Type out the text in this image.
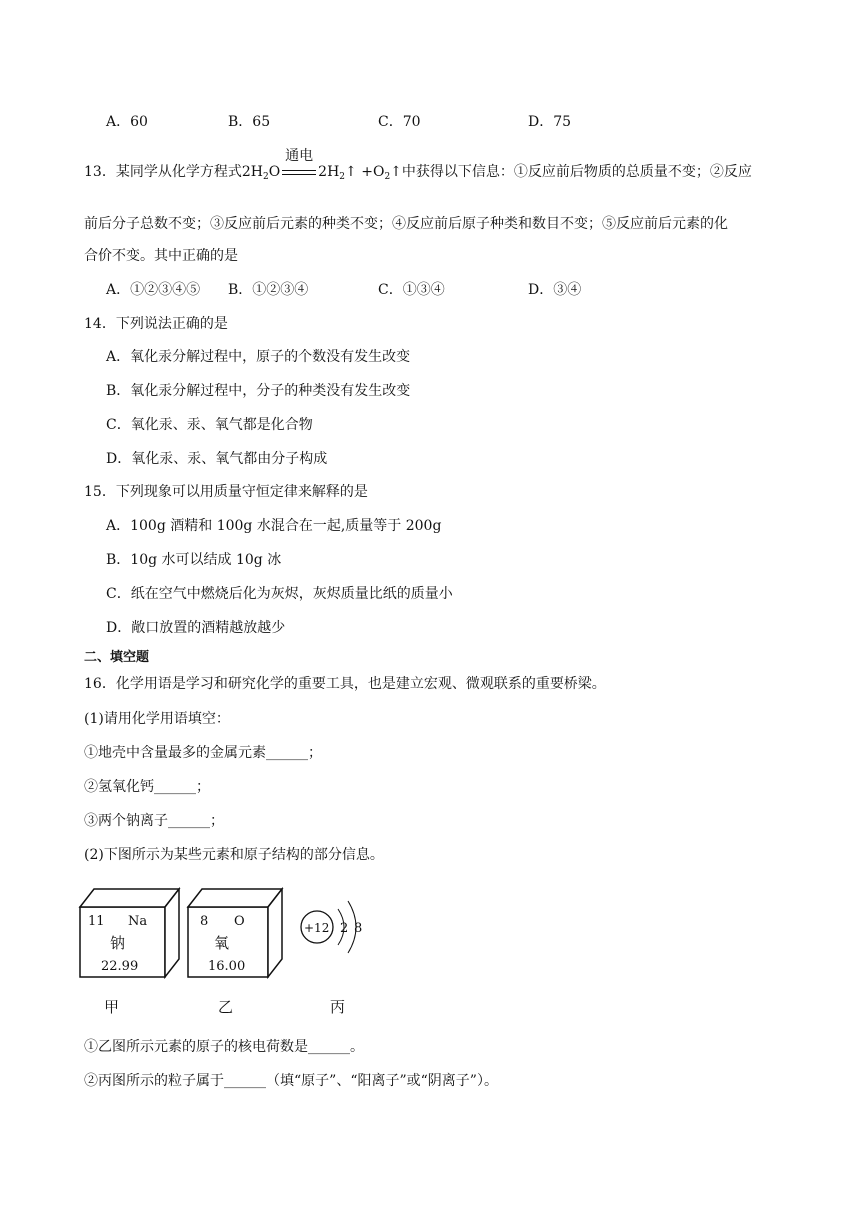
A．60	B．65	C．70	D．75
13．某同学从化学方程式$2H_2O$
通电
$2H_2↑$ $+O_2↑$中获得以下信息：①反应前后物质的总质量不变；②反应
前后分子总数不变；③反应前后元素的种类不变；④反应前后原子种类和数目不变；⑤反应前后元素的化
合价不变。其中正确的是
A．①②③④⑤ B．①②③④	C．①③④	D．③④
14．下列说法正确的是
A．氧化汞分解过程中，原子的个数没有发生改变
B．氧化汞分解过程中，分子的种类没有发生改变
C．氧化汞、汞、氧气都是化合物
D．氧化汞、汞、氧气都由分子构成
15．下列现象可以用质量守恒定律来解释的是
A．100g 酒精和 100g 水混合在一起,质量等于 200g
B．10g 水可以结成 10g 冰
C．纸在空气中燃烧后化为灰烬，灰烬质量比纸的质量小
D．敞口放置的酒精越放越少
二、填空题
16．化学用语是学习和研究化学的重要工具，也是建立宏观、微观联系的重要桥梁。
(1)请用化学用语填空：
①地壳中含量最多的金属元素______；
②氢氧化钙______；
③两个钠离子______；
(2)下图所示为某些元素和原子结构的部分信息。
11 Na
钠
22.99
8 O
氧
16.00
+12 2 8
甲	乙	丙
①乙图所示元素的原子的核电荷数是______。
②丙图所示的粒子属于______（填“原子”、“阳离子”或“阴离子”）。
